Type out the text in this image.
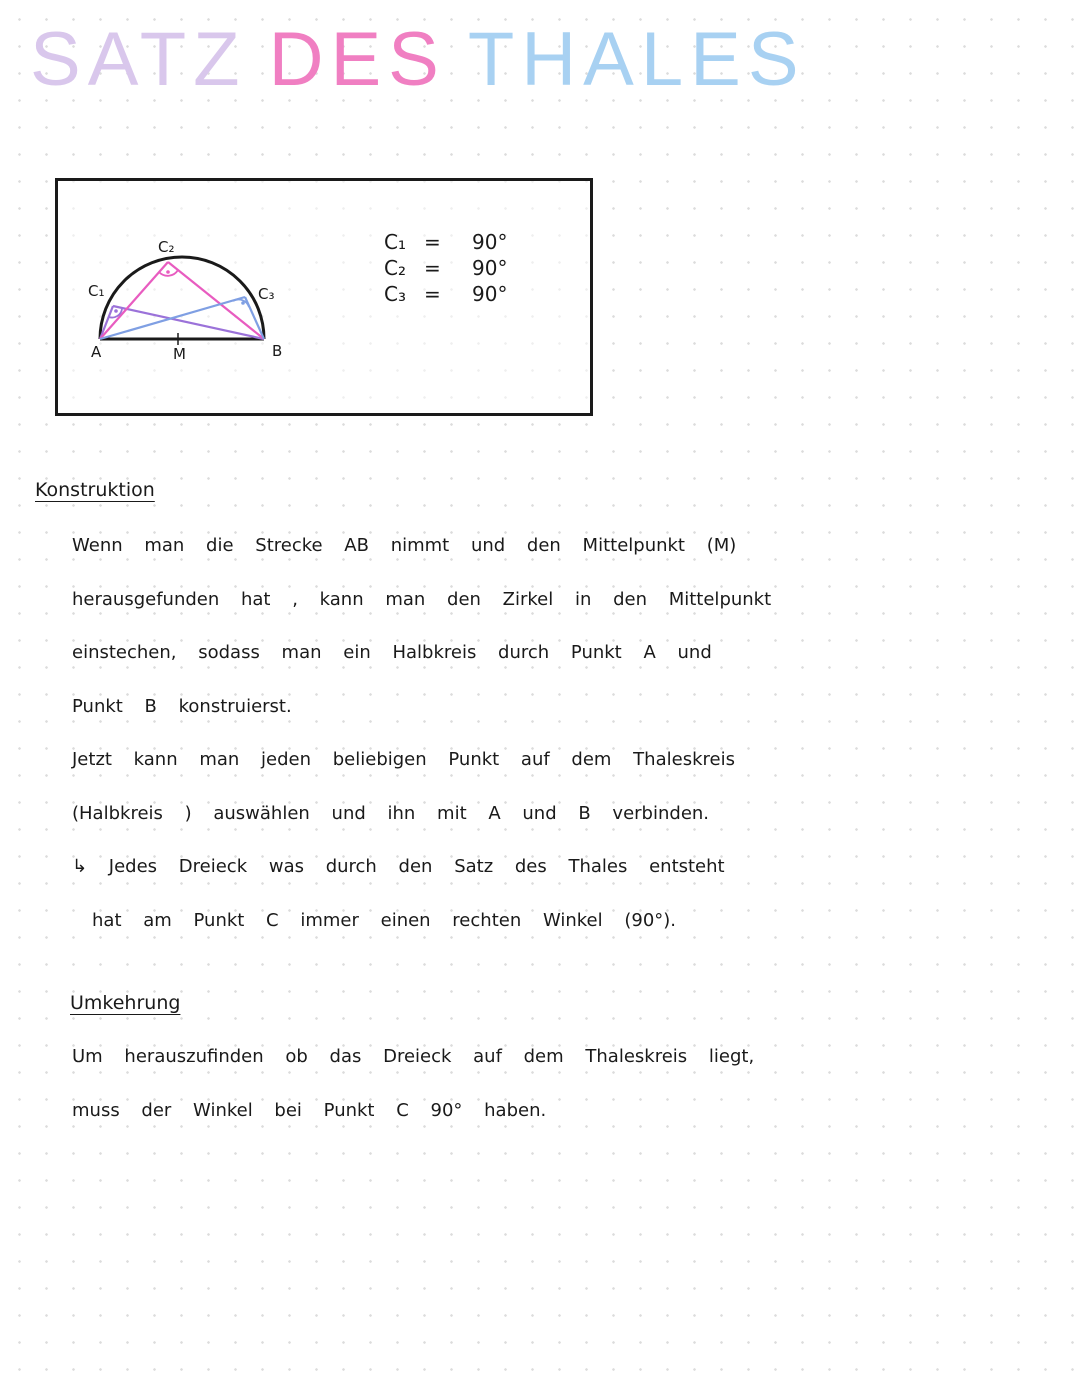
SATZ DES THALES
C₁
C₂
C₃
A	M	B
C₁ =	90°
C₂ =	90°
C₃ =	90°
Konstruktion

Wenn man die Strecke AB nimmt und den Mittelpunkt (M)

herausgefunden hat , kann man den Zirkel in den Mittelpunkt

einstechen, sodass man ein Halbkreis durch Punkt A und

Punkt B konstruierst.

Jetzt kann man jeden beliebigen Punkt auf dem Thaleskreis

(Halbkreis ) auswählen und ihn mit A und B verbinden.

↳ Jedes Dreieck was durch den Satz des Thales entsteht

hat am Punkt C immer einen rechten Winkel (90°).

Umkehrung

Um herauszufinden ob das Dreieck auf dem Thaleskreis liegt,

muss der Winkel bei Punkt C 90° haben.
